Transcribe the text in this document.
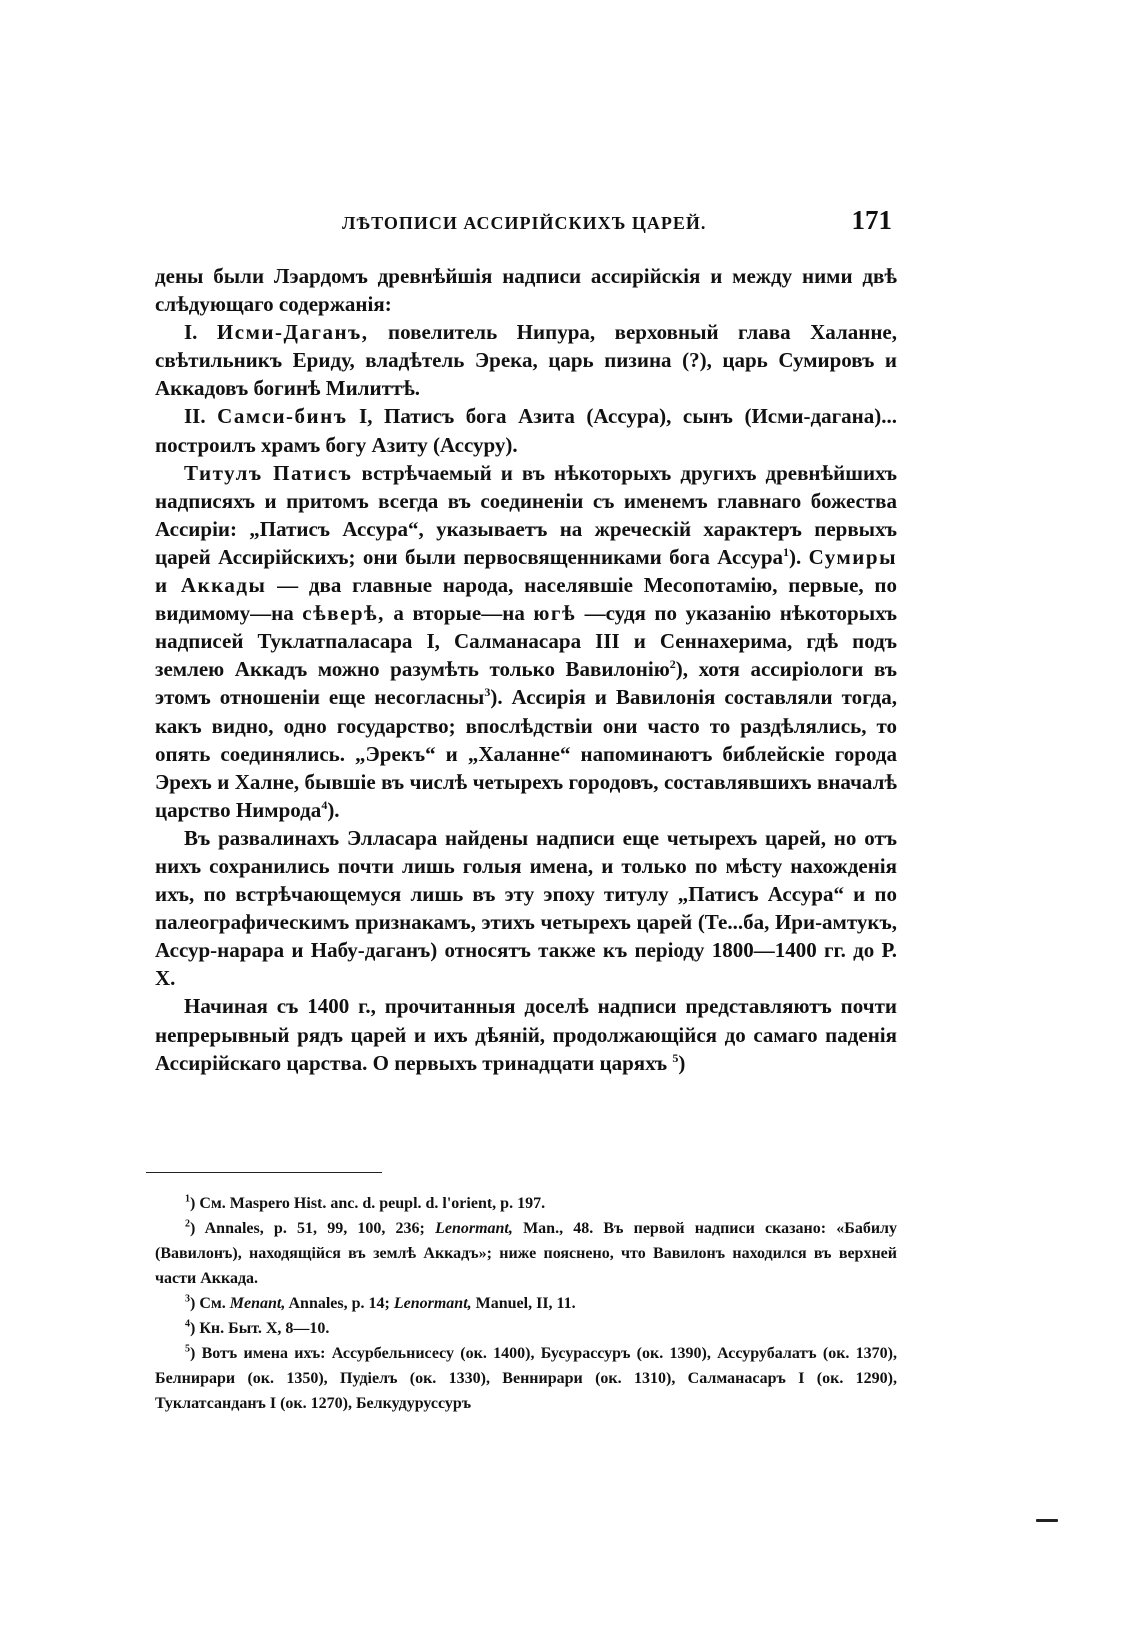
ЛѢТОПИСИ АССИРІЙСКИХЪ ЦАРЕЙ.	171

дены были Лэардомъ древнѣйшія надписи ассирійскія и между ними двѣ слѣдующаго содержанія:

I. Исми-Даганъ, повелитель Нипура, верховный глава Халанне, свѣтильникъ Ериду, владѣтель Эрека, царь пизина (?), царь Сумировъ и Аккадовъ богинѣ Милиттѣ.

II. Самси-бинъ I, Патисъ бога Азита (Ассура), сынъ (Исми-дагана)... построилъ храмъ богу Азиту (Ассуру).

Титулъ Патисъ встрѣчаемый и въ нѣкоторыхъ другихъ древнѣйшихъ надписяхъ и притомъ всегда въ соединеніи съ именемъ главнаго божества Ассиріи: „Патисъ Ассура“, указываетъ на жреческій характеръ первыхъ царей Ассирійскихъ; они были первосвященниками бога Ассура$^1$). Сумиры и Аккады — два главные народа, населявшіе Месопотамію, первые, по видимому—на сѣверѣ, а вторые—на югѣ —судя по указанію нѣкоторыхъ надписей Туклатпаласара I, Салманасара III и Сеннахерима, гдѣ подъ землею Аккадъ можно разумѣть только Вавилонію$^2$), хотя ассиріологи въ этомъ отношеніи еще несогласны$^3$). Ассирія и Вавилонія составляли тогда, какъ видно, одно государство; впослѣдствіи они часто то раздѣлялись, то опять соединялись. „Эрекъ“ и „Халанне“ напоминаютъ библейскіе города Эрехъ и Халне, бывшіе въ числѣ четырехъ городовъ, составлявшихъ вначалѣ царство Нимрода$^4$).

Въ развалинахъ Элласара найдены надписи еще четырехъ царей, но отъ нихъ сохранились почти лишь голыя имена, и только по мѣсту нахожденія ихъ, по встрѣчающемуся лишь въ эту эпоху титулу „Патисъ Ассура“ и по палеографическимъ признакамъ, этихъ четырехъ царей (Те...ба, Ири-амтукъ, Ассур-нарара и Набу-даганъ) относятъ также къ періоду 1800—1400 гг. до Р. Х.

Начиная съ 1400 г., прочитанныя доселѣ надписи представляютъ почти непрерывный рядъ царей и ихъ дѣяній, продолжающійся до самаго паденія Ассирійскаго царства. О первыхъ тринадцати царяхъ $^5$)

$^1$) См. Maspero Hist. anc. d. peupl. d. l'orient, p. 197.

$^2$) Annales, p. 51, 99, 100, 236; Lenormant, Man., 48. Въ первой надписи сказано: «Бабилу (Вавилонъ), находящійся въ землѣ Аккадъ»; ниже пояснено, что Вавилонъ находился въ верхней части Аккада.

$^3$) См. Menant, Annales, p. 14; Lenormant, Manuel, II, 11.

$^4$) Кн. Быт. X, 8—10.

$^5$) Вотъ имена ихъ: Ассурбельнисесу (ок. 1400), Бусурассуръ (ок. 1390), Ассурубалатъ (ок. 1370), Белнирари (ок. 1350), Пудіелъ (ок. 1330), Веннирари (ок. 1310), Салманасаръ I (ок. 1290), Туклатсанданъ I (ок. 1270), Белкудуруссуръ
